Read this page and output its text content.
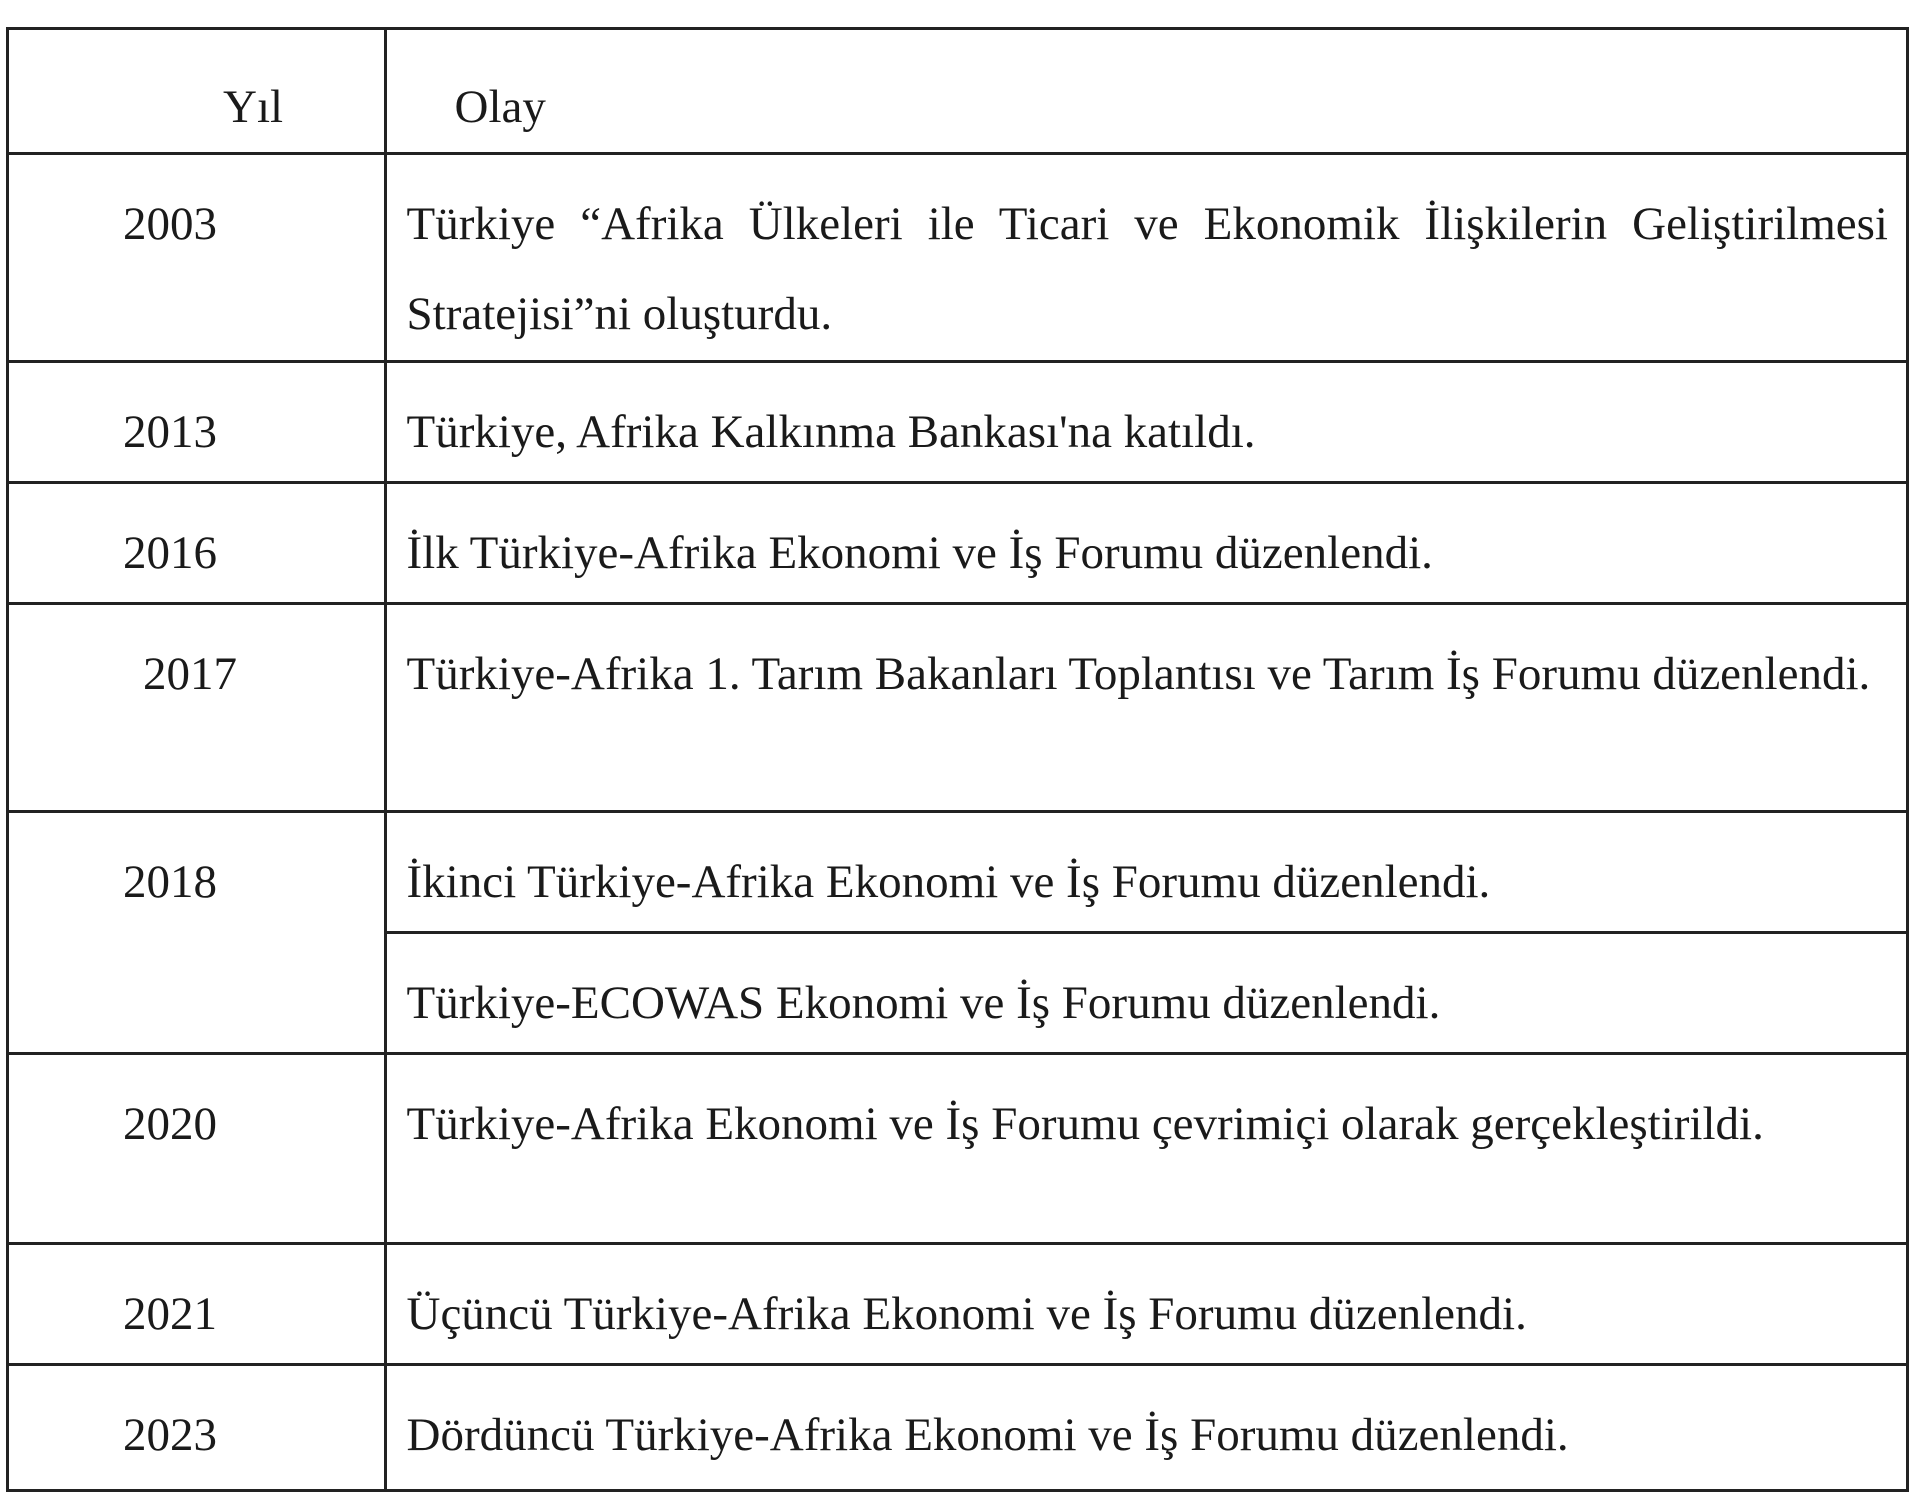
Yıl	Olay
2003	Türkiye “Afrika Ülkeleri ile Ticari ve Ekonomik İlişkilerin Geliştirilmesi Stratejisi”ni oluşturdu.
2013	Türkiye, Afrika Kalkınma Bankası'na katıldı.
2016	İlk Türkiye-Afrika Ekonomi ve İş Forumu düzenlendi.
2017	Türkiye-Afrika 1. Tarım Bakanları Toplantısı ve Tarım İş Forumu düzenlendi.
2018	İkinci Türkiye-Afrika Ekonomi ve İş Forumu düzenlendi.
	Türkiye-ECOWAS Ekonomi ve İş Forumu düzenlendi.
2020	Türkiye-Afrika Ekonomi ve İş Forumu çevrimiçi olarak gerçekleştirildi.
2021	Üçüncü Türkiye-Afrika Ekonomi ve İş Forumu düzenlendi.
2023	Dördüncü Türkiye-Afrika Ekonomi ve İş Forumu düzenlendi.
